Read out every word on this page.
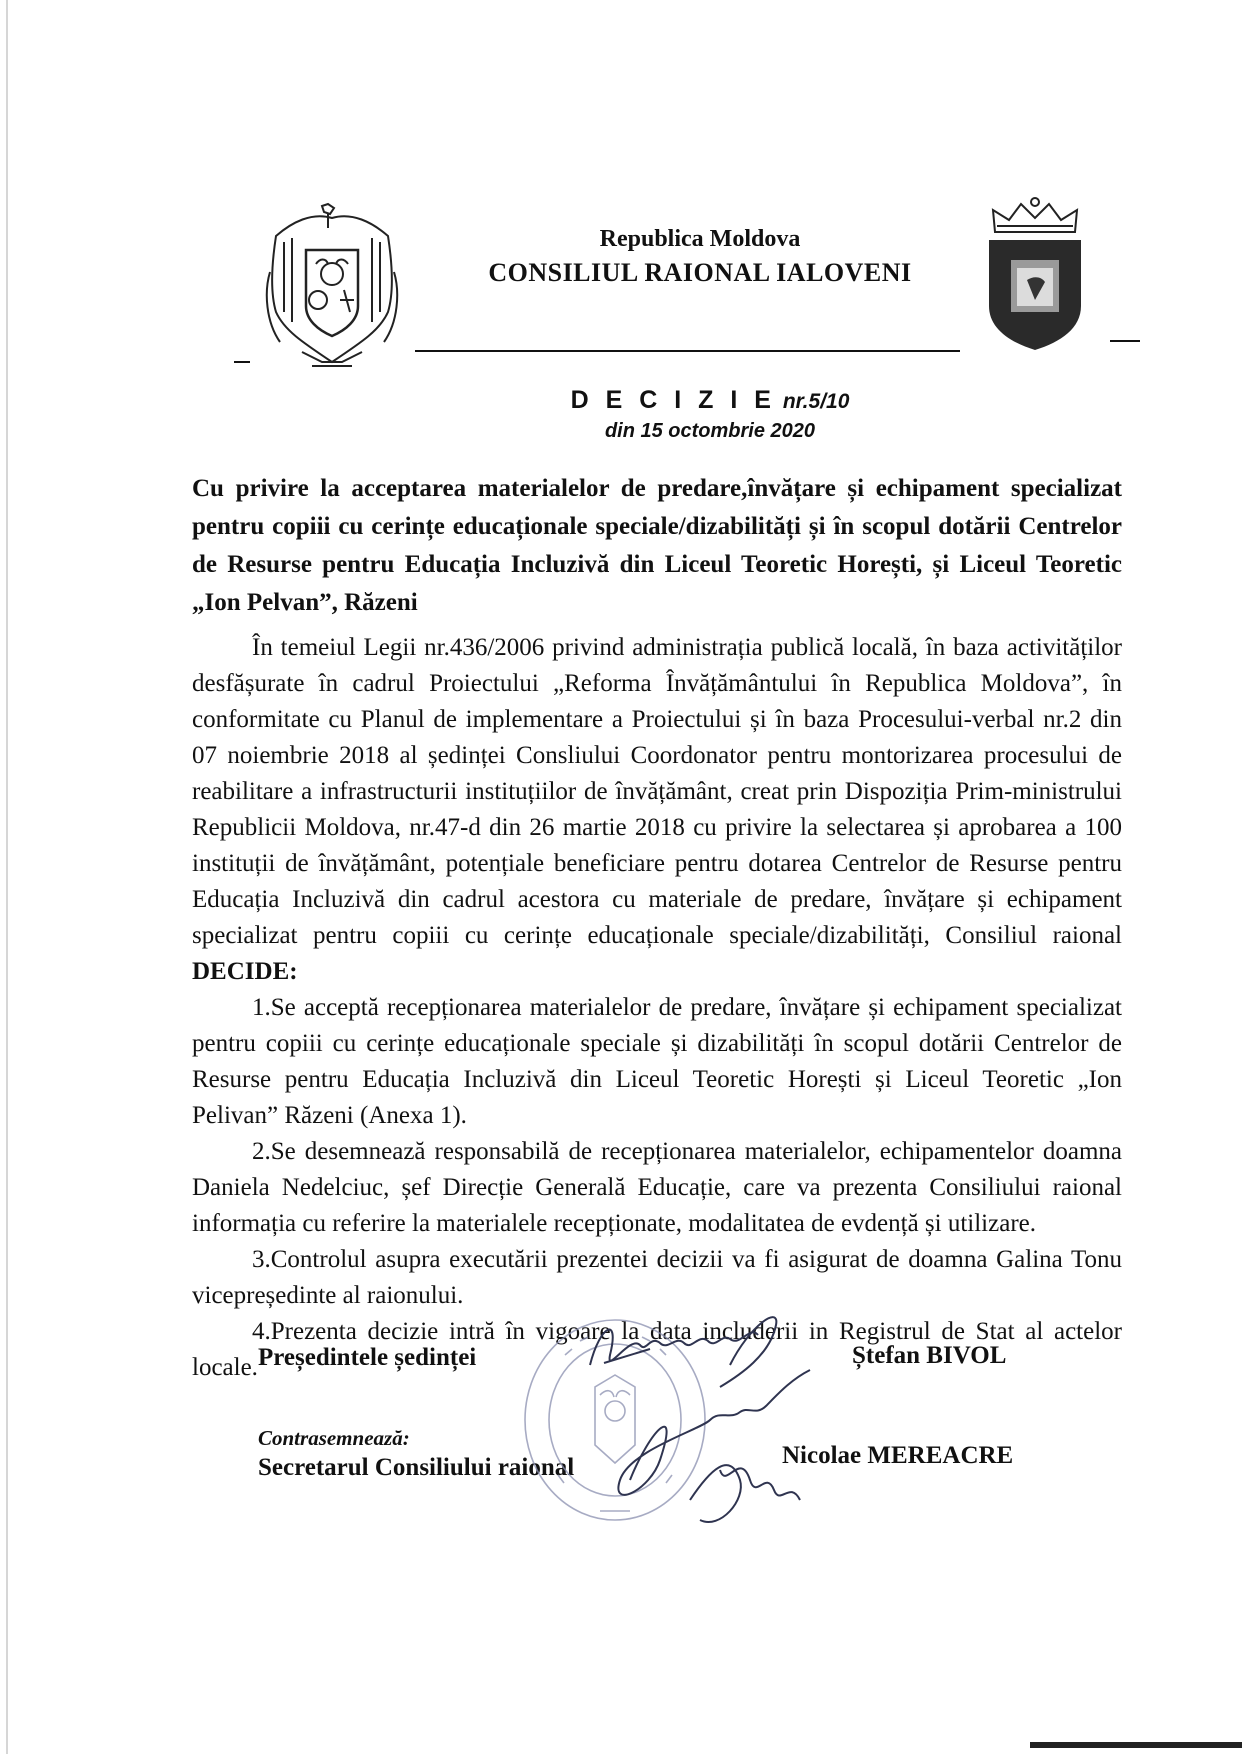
Republica Moldova
CONSILIUL RAIONAL IALOVENI
D E C I Z I E nr.5/10
din 15 octombrie 2020
Cu privire la acceptarea materialelor de predare,învățare și echipament specializat pentru copiii cu cerințe educaționale speciale/dizabilități și în scopul dotării Centrelor de Resurse pentru Educația Incluzivă din Liceul Teoretic Horești, și Liceul Teoretic „Ion Pelvan”, Răzeni

În temeiul Legii nr.436/2006 privind administrația publică locală, în baza activităților desfășurate în cadrul Proiectului „Reforma Învățământului în Republica Moldova”, în conformitate cu Planul de implementare a Proiectului și în baza Procesului-verbal nr.2 din 07 noiembrie 2018 al ședinței Consliului Coordonator pentru montorizarea procesului de reabilitare a infrastructurii instituțiilor de învățământ, creat prin Dispoziția Prim-ministrului Republicii Moldova, nr.47-d din 26 martie 2018 cu privire la selectarea și aprobarea a 100 instituții de învățământ, potențiale beneficiare pentru dotarea Centrelor de Resurse pentru Educația Incluzivă din cadrul acestora cu materiale de predare, învățare și echipament specializat pentru copiii cu cerințe educaționale speciale/dizabilități, Consiliul raional DECIDE:

1.Se acceptă recepționarea materialelor de predare, învățare și echipament specializat pentru copiii cu cerințe educaționale speciale și dizabilități în scopul dotării Centrelor de Resurse pentru Educația Incluzivă din Liceul Teoretic Horești și Liceul Teoretic „Ion Pelivan” Răzeni (Anexa 1).

2.Se desemnează responsabilă de recepționarea materialelor, echipamentelor doamna Daniela Nedelciuc, șef Direcție Generală Educație, care va prezenta Consiliului raional informația cu referire la materialele recepționate, modalitatea de evdență și utilizare.

3.Controlul asupra executării prezentei decizii va fi asigurat de doamna Galina Tonu vicepreședinte al raionului.

4.Prezenta decizie intră în vigoare la data includerii in Registrul de Stat al actelor locale. Președintele ședinței	Ștefan BIVOL
Contrasemnează:
Secretarul Consiliului raional	Nicolae MEREACRE
